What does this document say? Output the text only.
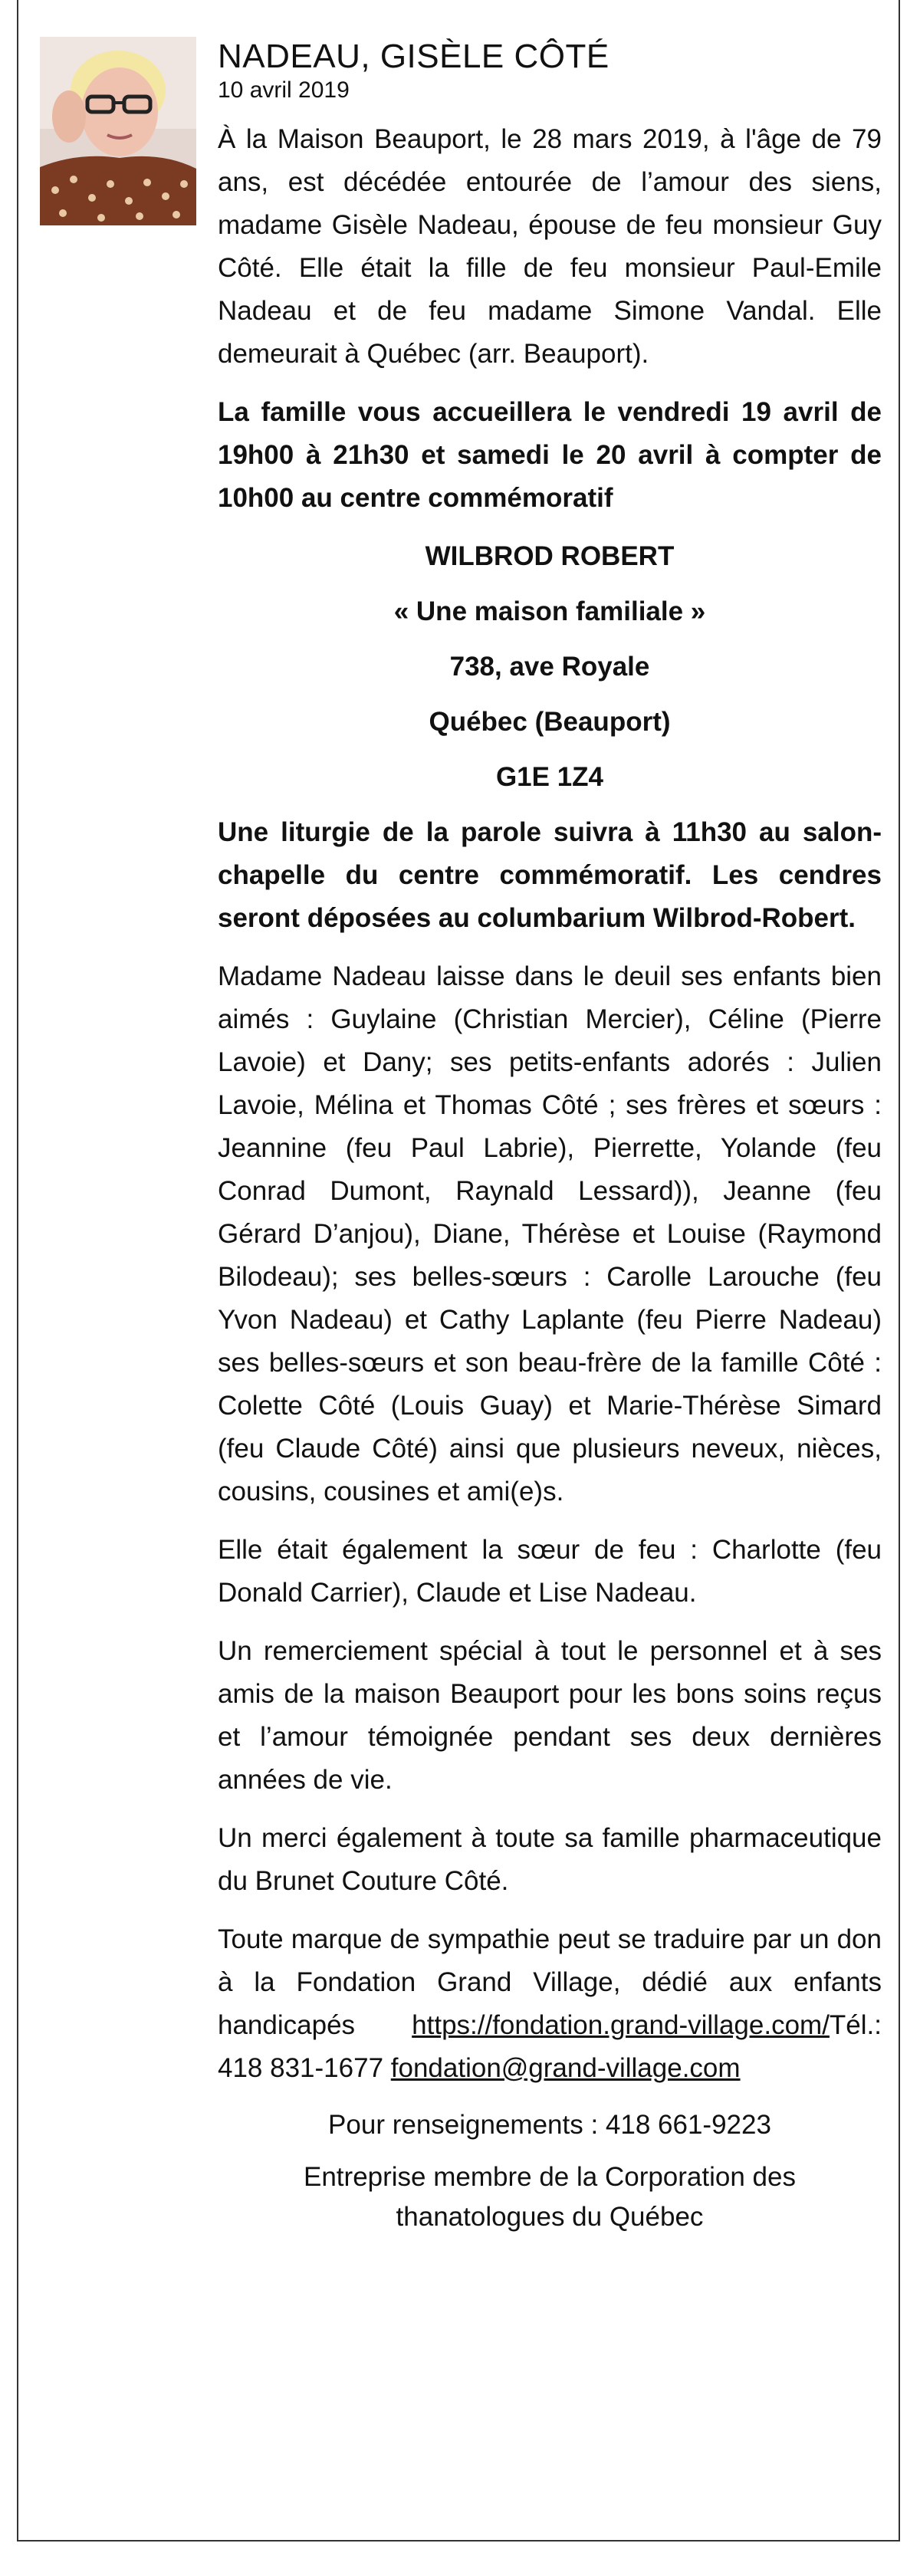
NADEAU, GISÈLE CÔTÉ
10 avril 2019

À la Maison Beauport, le 28 mars 2019, à l'âge de 79 ans, est décédée entourée de l’amour des siens, madame Gisèle Nadeau, épouse de feu monsieur Guy Côté. Elle était la fille de feu monsieur Paul-Emile Nadeau et de feu madame Simone Vandal. Elle demeurait à Québec (arr. Beauport).

La famille vous accueillera le vendredi 19 avril de 19h00 à 21h30 et samedi le 20 avril à compter de 10h00 au centre commémoratif

WILBROD ROBERT
« Une maison familiale »
738, ave Royale
Québec (Beauport)
G1E 1Z4

Une liturgie de la parole suivra à 11h30 au salon-chapelle du centre commémoratif. Les cendres seront déposées au columbarium Wilbrod-Robert.

Madame Nadeau laisse dans le deuil ses enfants bien aimés : Guylaine (Christian Mercier), Céline (Pierre Lavoie) et Dany; ses petits-enfants adorés : Julien Lavoie, Mélina et Thomas Côté ; ses frères et sœurs : Jeannine (feu Paul Labrie), Pierrette, Yolande (feu Conrad Dumont, Raynald Lessard)), Jeanne (feu Gérard D’anjou), Diane, Thérèse et Louise (Raymond Bilodeau); ses belles-sœurs : Carolle Larouche (feu Yvon Nadeau) et Cathy Laplante (feu Pierre Nadeau) ses belles-sœurs et son beau-frère de la famille Côté : Colette Côté (Louis Guay) et Marie-Thérèse Simard (feu Claude Côté) ainsi que plusieurs neveux, nièces, cousins, cousines et ami(e)s.

Elle était également la sœur de feu : Charlotte (feu Donald Carrier), Claude et Lise Nadeau.

Un remerciement spécial à tout le personnel et à ses amis de la maison Beauport pour les bons soins reçus et l’amour témoignée pendant ses deux dernières années de vie.

Un merci également à toute sa famille pharmaceutique du Brunet Couture Côté.

Toute marque de sympathie peut se traduire par un don à la Fondation Grand Village, dédié aux enfants handicapés https://fondation.grand-village.com/Tél.: 418 831-1677 fondation@grand-village.com

Pour renseignements : 418 661-9223
Entreprise membre de la Corporation des thanatologues du Québec
